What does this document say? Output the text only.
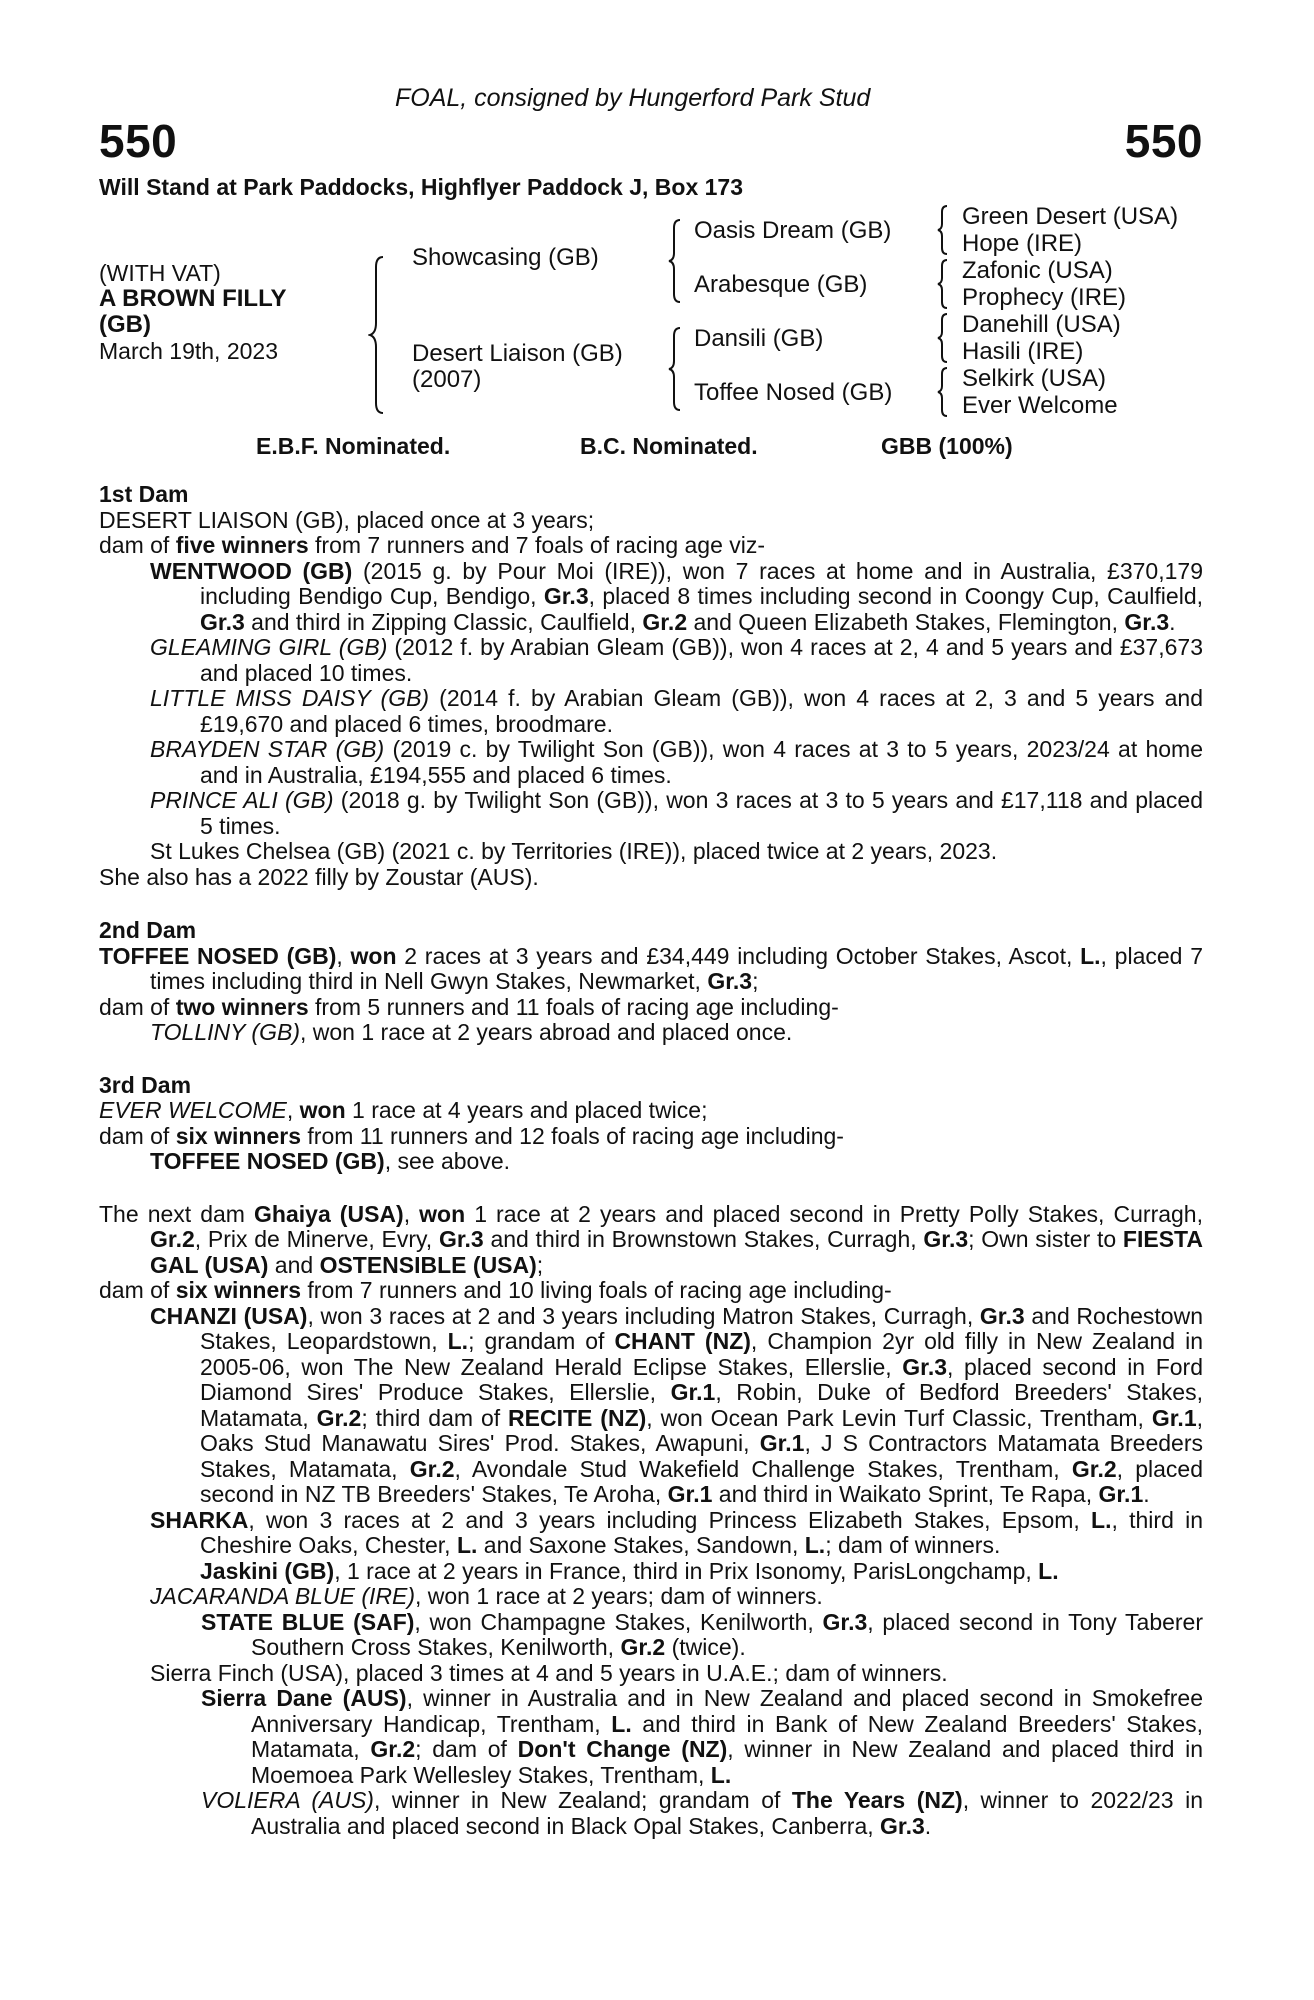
FOAL, consigned by Hungerford Park Stud
550	550
Will Stand at Park Paddocks, Highflyer Paddock J, Box 173
(WITH VAT)
A BROWN FILLY
(GB)
March 19th, 2023
Showcasing (GB)
Desert Liaison (GB)
(2007)
Oasis Dream (GB)
Arabesque (GB)
Dansili (GB)
Toffee Nosed (GB)
Green Desert (USA)
Hope (IRE)
Zafonic (USA)
Prophecy (IRE)
Danehill (USA)
Hasili (IRE)
Selkirk (USA)
Ever Welcome
E.B.F. Nominated.	B.C. Nominated.	GBB (100%)

1st Dam

DESERT LIAISON (GB), placed once at 3 years;

dam of five winners from 7 runners and 7 foals of racing age viz-

WENTWOOD (GB) (2015 g. by Pour Moi (IRE)), won 7 races at home and in Australia, £370,179 including Bendigo Cup, Bendigo, Gr.3, placed 8 times including second in Coongy Cup, Caulfield, Gr.3 and third in Zipping Classic, Caulfield, Gr.2 and Queen Elizabeth Stakes, Flemington, Gr.3.

GLEAMING GIRL (GB) (2012 f. by Arabian Gleam (GB)), won 4 races at 2, 4 and 5 years and £37,673 and placed 10 times.

LITTLE MISS DAISY (GB) (2014 f. by Arabian Gleam (GB)), won 4 races at 2, 3 and 5 years and £19,670 and placed 6 times, broodmare.

BRAYDEN STAR (GB) (2019 c. by Twilight Son (GB)), won 4 races at 3 to 5 years, 2023/24 at home and in Australia, £194,555 and placed 6 times.

PRINCE ALI (GB) (2018 g. by Twilight Son (GB)), won 3 races at 3 to 5 years and £17,118 and placed 5 times.

St Lukes Chelsea (GB) (2021 c. by Territories (IRE)), placed twice at 2 years, 2023.

She also has a 2022 filly by Zoustar (AUS).

2nd Dam

TOFFEE NOSED (GB), won 2 races at 3 years and £34,449 including October Stakes, Ascot, L., placed 7 times including third in Nell Gwyn Stakes, Newmarket, Gr.3;

dam of two winners from 5 runners and 11 foals of racing age including-

TOLLINY (GB), won 1 race at 2 years abroad and placed once.

3rd Dam

EVER WELCOME, won 1 race at 4 years and placed twice;

dam of six winners from 11 runners and 12 foals of racing age including-

TOFFEE NOSED (GB), see above.

The next dam Ghaiya (USA), won 1 race at 2 years and placed second in Pretty Polly Stakes, Curragh, Gr.2, Prix de Minerve, Evry, Gr.3 and third in Brownstown Stakes, Curragh, Gr.3; Own sister to FIESTA GAL (USA) and OSTENSIBLE (USA);

dam of six winners from 7 runners and 10 living foals of racing age including-

CHANZI (USA), won 3 races at 2 and 3 years including Matron Stakes, Curragh, Gr.3 and Rochestown Stakes, Leopardstown, L.; grandam of CHANT (NZ), Champion 2yr old filly in New Zealand in 2005-06, won The New Zealand Herald Eclipse Stakes, Ellerslie, Gr.3, placed second in Ford Diamond Sires' Produce Stakes, Ellerslie, Gr.1, Robin, Duke of Bedford Breeders' Stakes, Matamata, Gr.2; third dam of RECITE (NZ), won Ocean Park Levin Turf Classic, Trentham, Gr.1, Oaks Stud Manawatu Sires' Prod. Stakes, Awapuni, Gr.1, J S Contractors Matamata Breeders Stakes, Matamata, Gr.2, Avondale Stud Wakefield Challenge Stakes, Trentham, Gr.2, placed second in NZ TB Breeders' Stakes, Te Aroha, Gr.1 and third in Waikato Sprint, Te Rapa, Gr.1.

SHARKA, won 3 races at 2 and 3 years including Princess Elizabeth Stakes, Epsom, L., third in Cheshire Oaks, Chester, L. and Saxone Stakes, Sandown, L.; dam of winners.

Jaskini (GB), 1 race at 2 years in France, third in Prix Isonomy, ParisLongchamp, L.

JACARANDA BLUE (IRE), won 1 race at 2 years; dam of winners.

STATE BLUE (SAF), won Champagne Stakes, Kenilworth, Gr.3, placed second in Tony Taberer Southern Cross Stakes, Kenilworth, Gr.2 (twice).

Sierra Finch (USA), placed 3 times at 4 and 5 years in U.A.E.; dam of winners.

Sierra Dane (AUS), winner in Australia and in New Zealand and placed second in Smokefree Anniversary Handicap, Trentham, L. and third in Bank of New Zealand Breeders' Stakes, Matamata, Gr.2; dam of Don't Change (NZ), winner in New Zealand and placed third in Moemoea Park Wellesley Stakes, Trentham, L.

VOLIERA (AUS), winner in New Zealand; grandam of The Years (NZ), winner to 2022/23 in Australia and placed second in Black Opal Stakes, Canberra, Gr.3.
